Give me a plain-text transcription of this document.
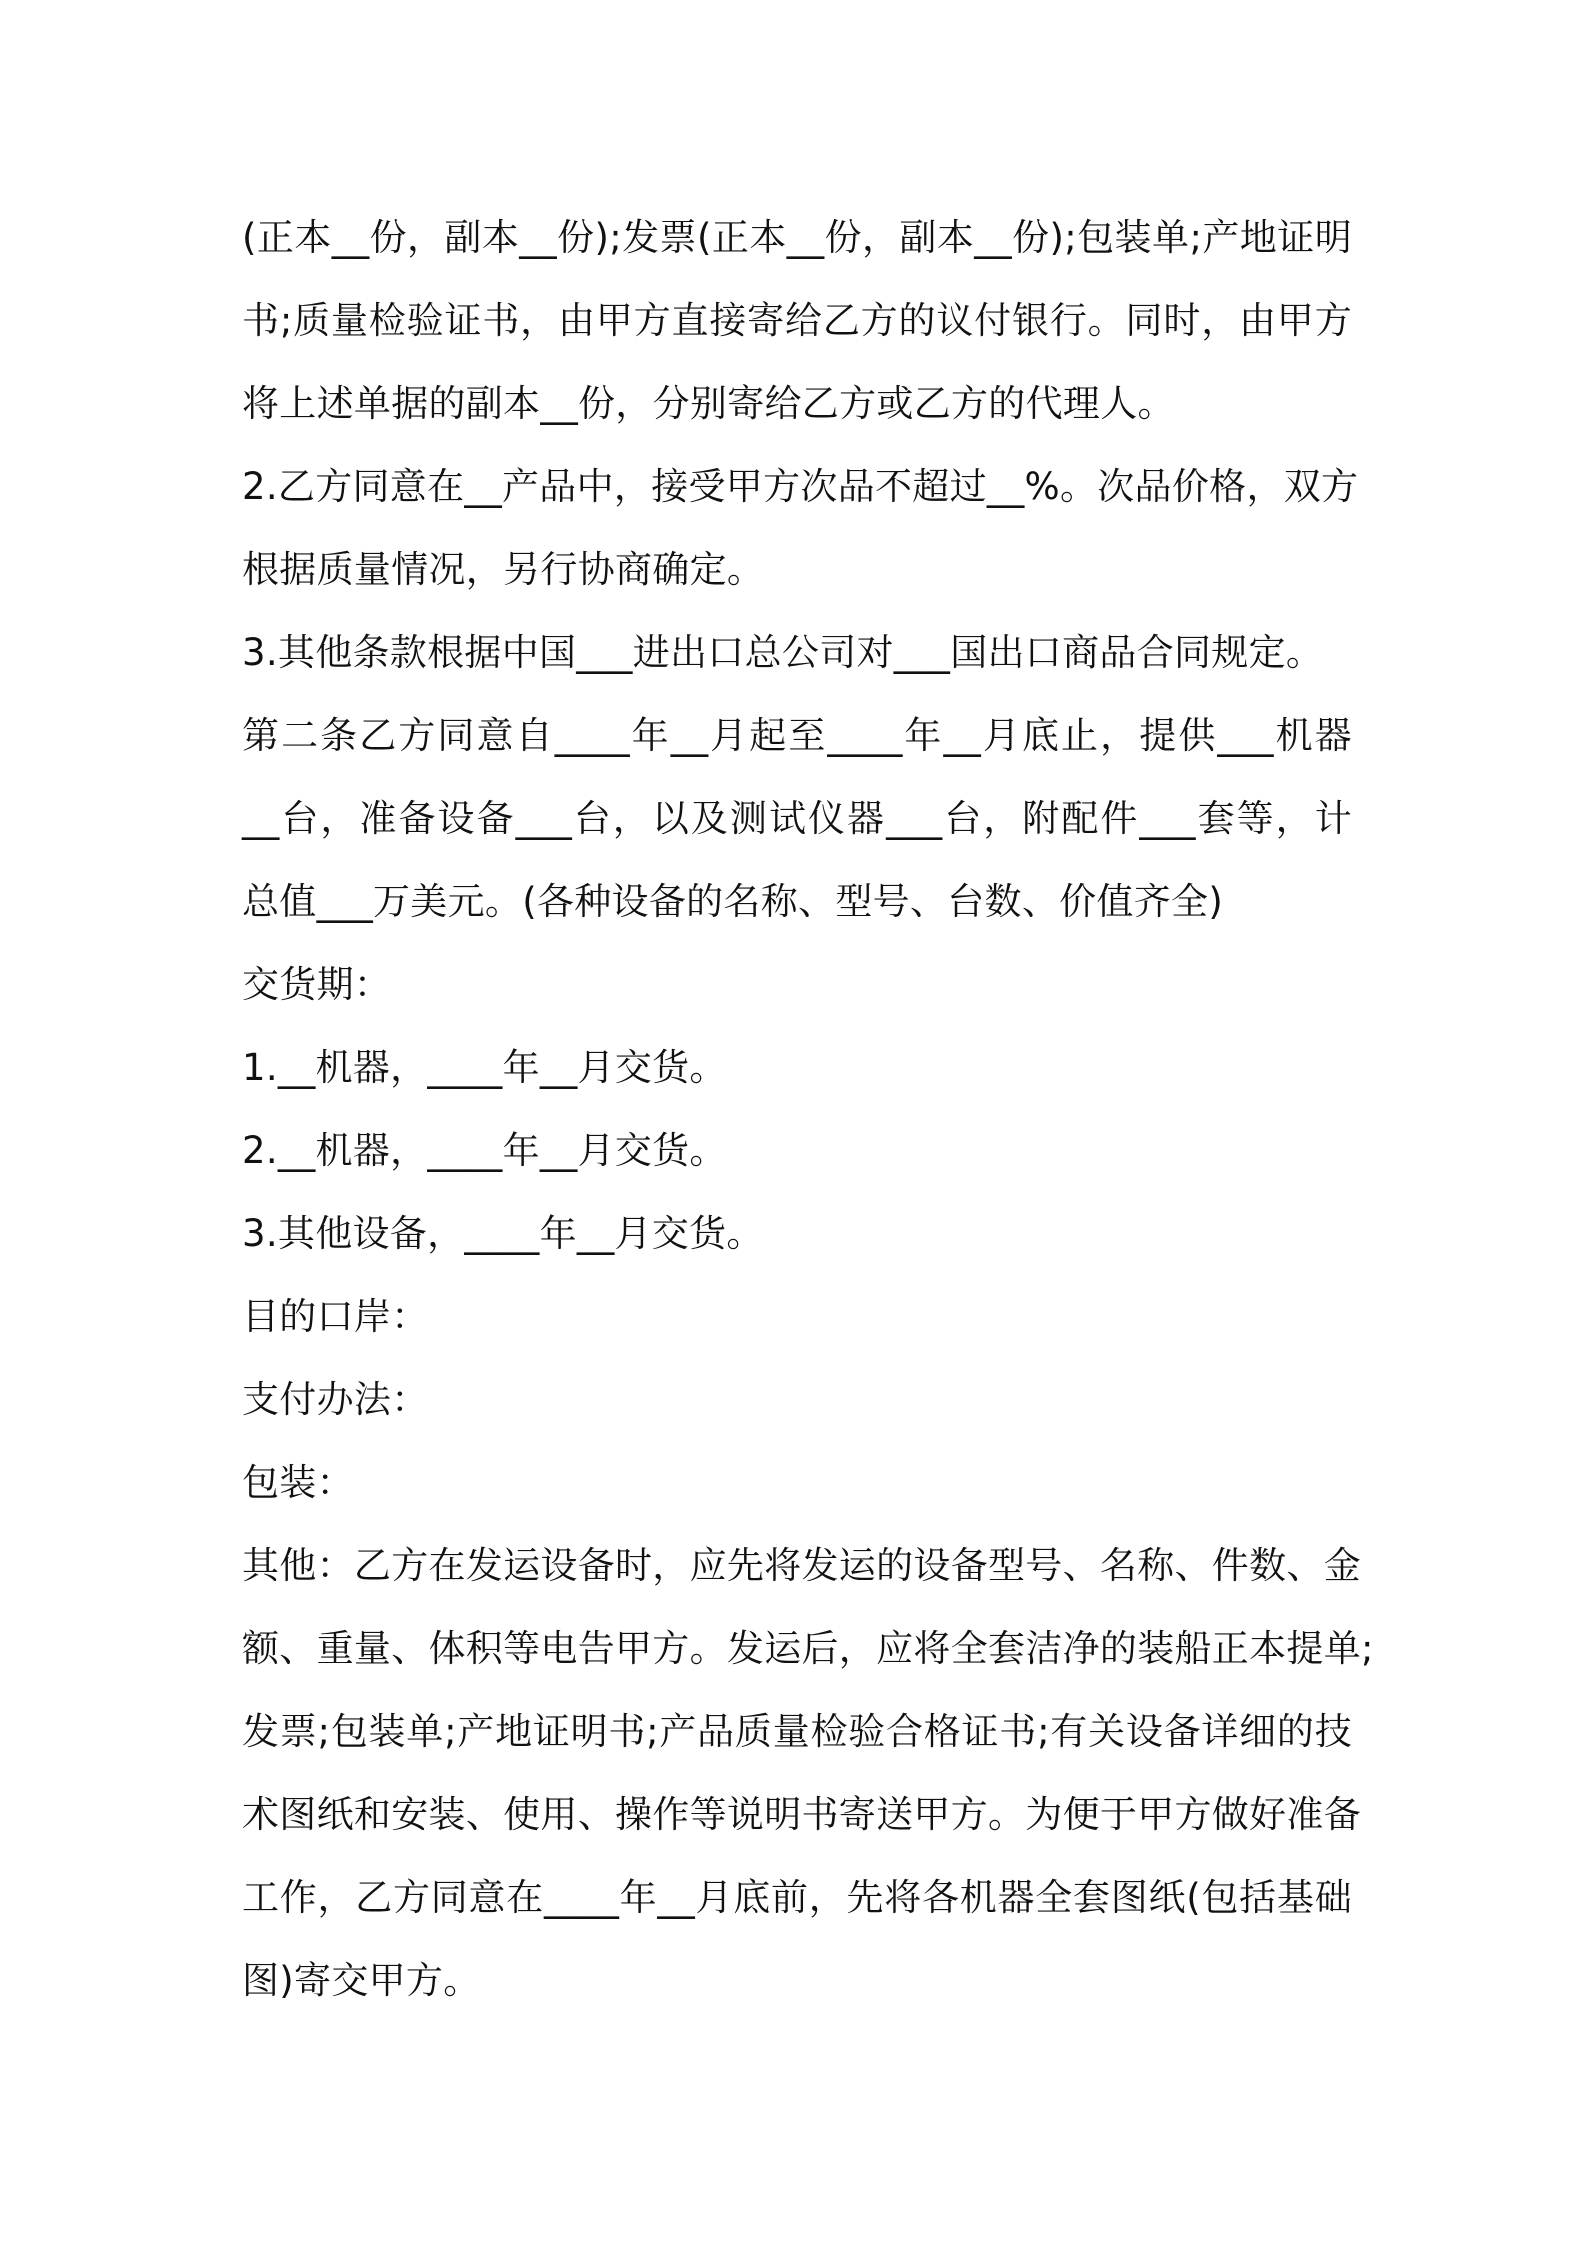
(正本__份，副本__份);发票(正本__份，副本__份);包装单;产地证明
书;质量检验证书，由甲方直接寄给乙方的议付银行。同时，由甲方
将上述单据的副本__份，分别寄给乙方或乙方的代理人。
2.乙方同意在__产品中，接受甲方次品不超过__%。次品价格，双方
根据质量情况，另行协商确定。
3.其他条款根据中国___进出口总公司对___国出口商品合同规定。
第二条乙方同意自____年__月起至____年__月底止，提供___机器
__台，准备设备___台，以及测试仪器___台，附配件___套等，计
总值___万美元。(各种设备的名称、型号、台数、价值齐全)
交货期：
1.__机器，____年__月交货。
2.__机器，____年__月交货。
3.其他设备，____年__月交货。
目的口岸：
支付办法：
包装：
其他：乙方在发运设备时，应先将发运的设备型号、名称、件数、金
额、重量、体积等电告甲方。发运后，应将全套洁净的装船正本提单;
发票;包装单;产地证明书;产品质量检验合格证书;有关设备详细的技
术图纸和安装、使用、操作等说明书寄送甲方。为便于甲方做好准备
工作，乙方同意在____年__月底前，先将各机器全套图纸(包括基础
图)寄交甲方。
